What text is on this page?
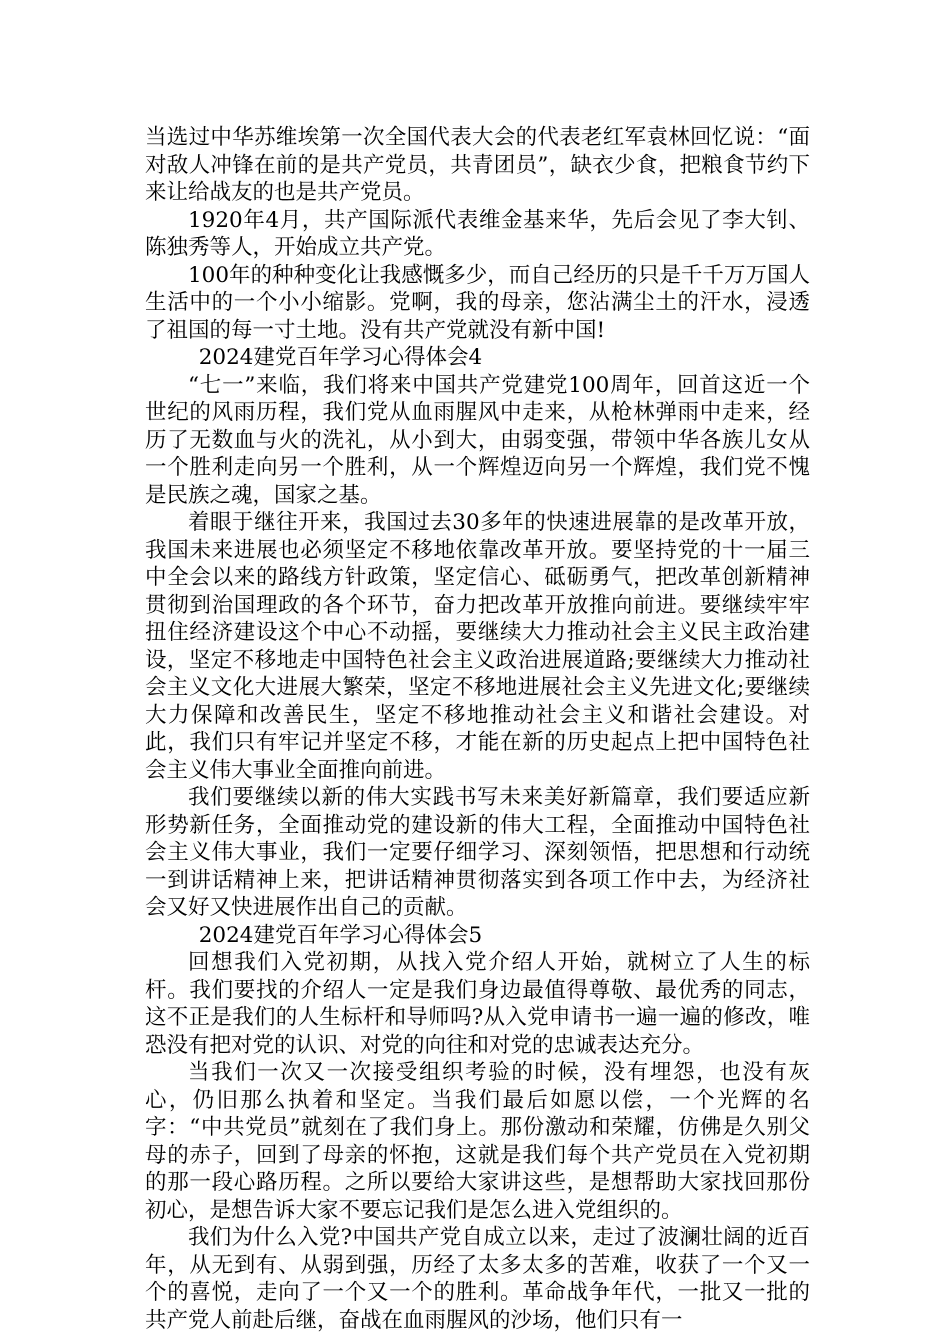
当选过中华苏维埃第一次全国代表大会的代表老红军袁林回忆说：“面对敌人冲锋在前的是共产党员，共青团员”，缺衣少食，把粮食节约下来让给战友的也是共产党员。

1920年4月，共产国际派代表维金基来华，先后会见了李大钊、陈独秀等人，开始成立共产党。

100年的种种变化让我感慨多少，而自己经历的只是千千万万国人生活中的一个小小缩影。党啊，我的母亲，您沾满尘土的汗水，浸透了祖国的每一寸土地。没有共产党就没有新中国!

2024建党百年学习心得体会4

“七一”来临，我们将来中国共产党建党100周年，回首这近一个世纪的风雨历程，我们党从血雨腥风中走来，从枪林弹雨中走来，经历了无数血与火的洗礼，从小到大，由弱变强，带领中华各族儿女从一个胜利走向另一个胜利，从一个辉煌迈向另一个辉煌，我们党不愧是民族之魂，国家之基。

着眼于继往开来，我国过去30多年的快速进展靠的是改革开放，我国未来进展也必须坚定不移地依靠改革开放。要坚持党的十一届三中全会以来的路线方针政策，坚定信心、砥砺勇气，把改革创新精神贯彻到治国理政的各个环节，奋力把改革开放推向前进。要继续牢牢扭住经济建设这个中心不动摇，要继续大力推动社会主义民主政治建设，坚定不移地走中国特色社会主义政治进展道路;要继续大力推动社会主义文化大进展大繁荣，坚定不移地进展社会主义先进文化;要继续大力保障和改善民生，坚定不移地推动社会主义和谐社会建设。对此，我们只有牢记并坚定不移，才能在新的历史起点上把中国特色社会主义伟大事业全面推向前进。

我们要继续以新的伟大实践书写未来美好新篇章，我们要适应新形势新任务，全面推动党的建设新的伟大工程，全面推动中国特色社会主义伟大事业，我们一定要仔细学习、深刻领悟，把思想和行动统一到讲话精神上来，把讲话精神贯彻落实到各项工作中去，为经济社会又好又快进展作出自己的贡献。

2024建党百年学习心得体会5

回想我们入党初期，从找入党介绍人开始，就树立了人生的标杆。我们要找的介绍人一定是我们身边最值得尊敬、最优秀的同志，这不正是我们的人生标杆和导师吗?从入党申请书一遍一遍的修改，唯恐没有把对党的认识、对党的向往和对党的忠诚表达充分。

当我们一次又一次接受组织考验的时候，没有埋怨，也没有灰心，仍旧那么执着和坚定。当我们最后如愿以偿，一个光辉的名字：“中共党员”就刻在了我们身上。那份激动和荣耀，仿佛是久别父母的赤子，回到了母亲的怀抱，这就是我们每个共产党员在入党初期的那一段心路历程。之所以要给大家讲这些，是想帮助大家找回那份初心，是想告诉大家不要忘记我们是怎么进入党组织的。

我们为什么入党?中国共产党自成立以来，走过了波澜壮阔的近百年，从无到有、从弱到强，历经了太多太多的苦难，收获了一个又一个的喜悦，走向了一个又一个的胜利。革命战争年代，一批又一批的共产党人前赴后继，奋战在血雨腥风的沙场，他们只有一
